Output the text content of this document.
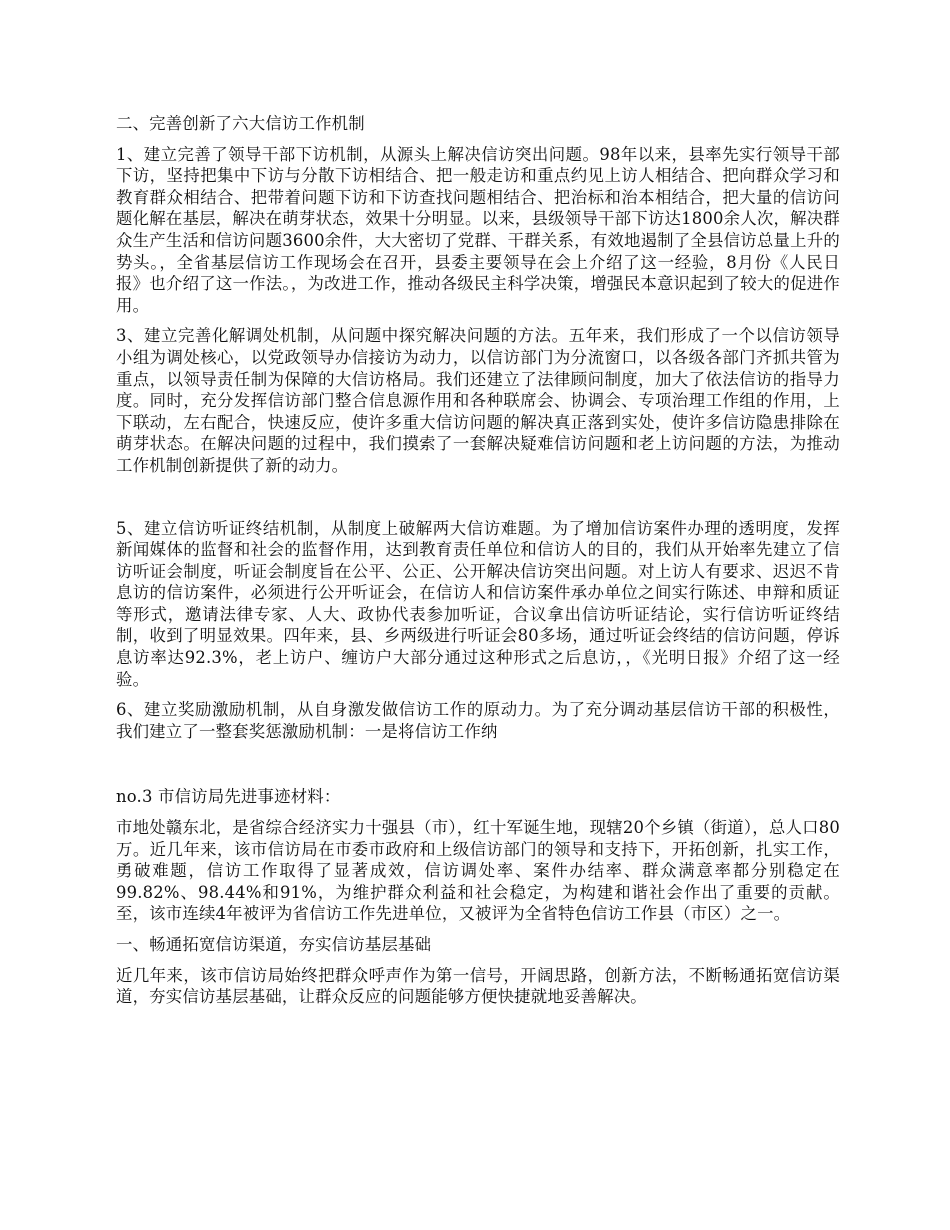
二、完善创新了六大信访工作机制

1、建立完善了领导干部下访机制，从源头上解决信访突出问题。98年以来，县率先实行领导干部下访，坚持把集中下访与分散下访相结合、把一般走访和重点约见上访人相结合、把向群众学习和教育群众相结合、把带着问题下访和下访查找问题相结合、把治标和治本相结合，把大量的信访问题化解在基层，解决在萌芽状态，效果十分明显。以来，县级领导干部下访达1800余人次，解决群众生产生活和信访问题3600余件，大大密切了党群、干群关系，有效地遏制了全县信访总量上升的势头。，全省基层信访工作现场会在召开，县委主要领导在会上介绍了这一经验，8月份《人民日报》也介绍了这一作法。，为改进工作，推动各级民主科学决策，增强民本意识起到了较大的促进作用。

3、建立完善化解调处机制，从问题中探究解决问题的方法。五年来，我们形成了一个以信访领导小组为调处核心，以党政领导办信接访为动力，以信访部门为分流窗口，以各级各部门齐抓共管为重点，以领导责任制为保障的大信访格局。我们还建立了法律顾问制度，加大了依法信访的指导力度。同时，充分发挥信访部门整合信息源作用和各种联席会、协调会、专项治理工作组的作用，上下联动，左右配合，快速反应，使许多重大信访问题的解决真正落到实处，使许多信访隐患排除在萌芽状态。在解决问题的过程中，我们摸索了一套解决疑难信访问题和老上访问题的方法，为推动工作机制创新提供了新的动力。

5、建立信访听证终结机制，从制度上破解两大信访难题。为了增加信访案件办理的透明度，发挥新闻媒体的监督和社会的监督作用，达到教育责任单位和信访人的目的，我们从开始率先建立了信访听证会制度，听证会制度旨在公平、公正、公开解决信访突出问题。对上访人有要求、迟迟不肯息访的信访案件，必须进行公开听证会，在信访人和信访案件承办单位之间实行陈述、申辩和质证等形式，邀请法律专家、人大、政协代表参加听证，合议拿出信访听证结论，实行信访听证终结制，收到了明显效果。四年来，县、乡两级进行听证会80多场，通过听证会终结的信访问题，停诉息访率达92.3%，老上访户、缠访户大部分通过这种形式之后息访，，《光明日报》介绍了这一经验。

6、建立奖励激励机制，从自身激发做信访工作的原动力。为了充分调动基层信访干部的积极性，我们建立了一整套奖惩激励机制：一是将信访工作纳

no.3 市信访局先进事迹材料：

市地处赣东北，是省综合经济实力十强县（市），红十军诞生地，现辖20个乡镇（街道），总人口80万。近几年来，该市信访局在市委市政府和上级信访部门的领导和支持下，开拓创新，扎实工作，勇破难题，信访工作取得了显著成效，信访调处率、案件办结率、群众满意率都分别稳定在99.82%、98.44%和91%，为维护群众利益和社会稳定，为构建和谐社会作出了重要的贡献。至，该市连续4年被评为省信访工作先进单位，又被评为全省特色信访工作县（市区）之一。

一、畅通拓宽信访渠道，夯实信访基层基础

近几年来，该市信访局始终把群众呼声作为第一信号，开阔思路，创新方法，不断畅通拓宽信访渠道，夯实信访基层基础，让群众反应的问题能够方便快捷就地妥善解决。
